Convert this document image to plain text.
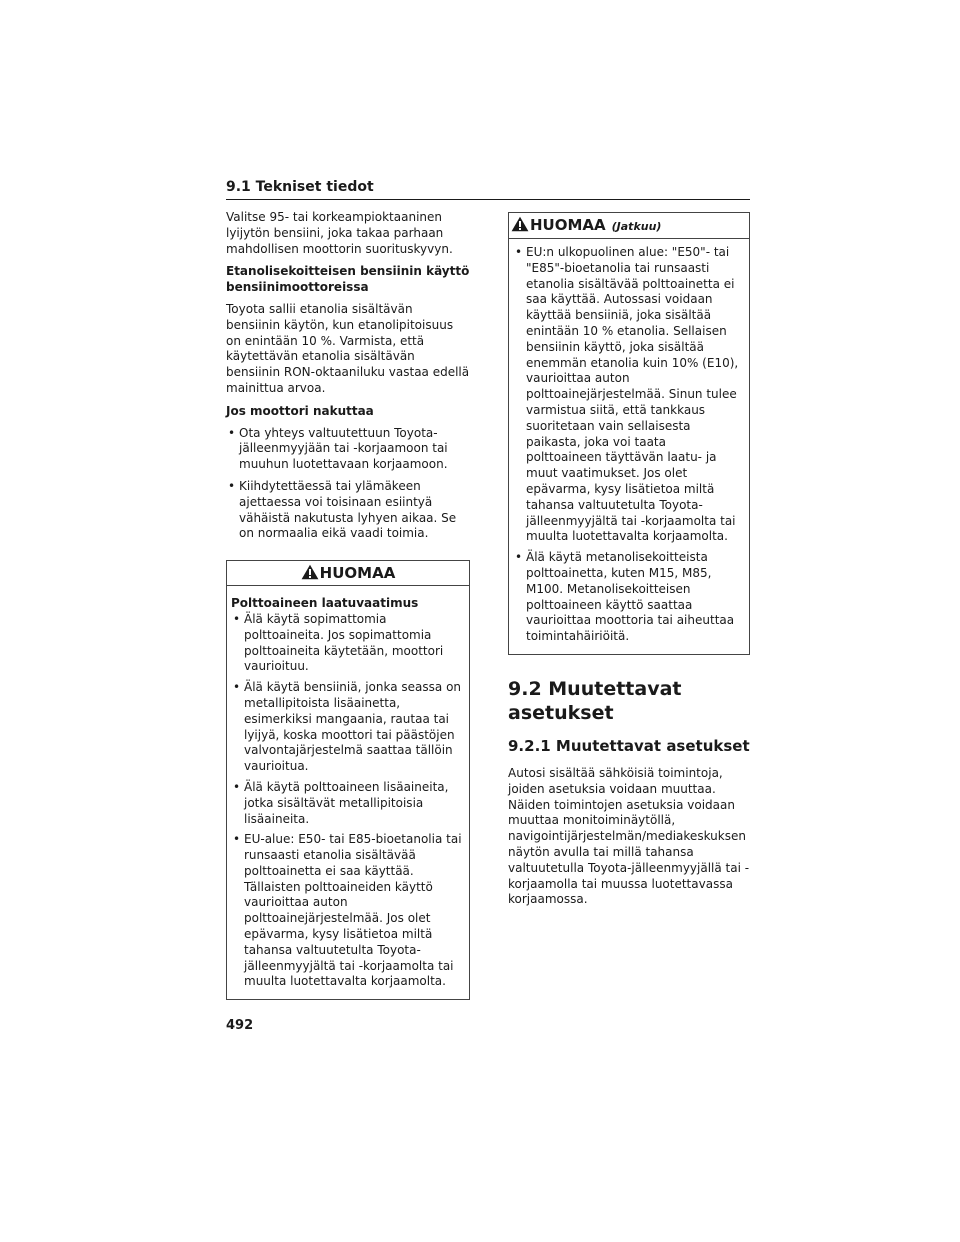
9.1 Tekniset tiedot

Valitse 95- tai korkeampioktaaninen lyijytön bensiini, joka takaa parhaan mahdollisen moottorin suorituskyvyn.

Etanolisekoitteisen bensiinin käyttö bensiinimoottoreissa

Toyota sallii etanolia sisältävän bensiinin käytön, kun etanolipitoisuus on enintään 10 %. Varmista, että käytettävän etanolia sisältävän bensiinin RON-oktaaniluku vastaa edellä mainittua arvoa.

Jos moottori nakuttaa

• Ota yhteys valtuutettuun Toyota-jälleenmyyjään tai -korjaamoon tai muuhun luotettavaan korjaamoon.
• Kiihdytettäessä tai ylämäkeen ajettaessa voi toisinaan esiintyä vähäistä nakutusta lyhyen aikaa. Se on normaalia eikä vaadi toimia.
HUOMAA
Polttoaineen laatuvaatimus
• Älä käytä sopimattomia polttoaineita. Jos sopimattomia polttoaineita käytetään, moottori vaurioituu.
• Älä käytä bensiiniä, jonka seassa on metallipitoista lisäainetta, esimerkiksi mangaania, rautaa tai lyijyä, koska moottori tai päästöjen valvontajärjestelmä saattaa tällöin vaurioitua.
• Älä käytä polttoaineen lisäaineita, jotka sisältävät metallipitoisia lisäaineita.
• EU-alue: E50- tai E85-bioetanolia tai runsaasti etanolia sisältävää polttoainetta ei saa käyttää. Tällaisten polttoaineiden käyttö vaurioittaa auton polttoainejärjestelmää. Jos olet epävarma, kysy lisätietoa miltä tahansa valtuutetulta Toyota-jälleenmyyjältä tai -korjaamolta tai muulta luotettavalta korjaamolta.
HUOMAA (Jatkuu)
• EU:n ulkopuolinen alue: "E50"- tai "E85"-bioetanolia tai runsaasti etanolia sisältävää polttoainetta ei saa käyttää. Autossasi voidaan käyttää bensiiniä, joka sisältää enintään 10 % etanolia. Sellaisen bensiinin käyttö, joka sisältää enemmän etanolia kuin 10% (E10), vaurioittaa auton polttoainejärjestelmää. Sinun tulee varmistua siitä, että tankkaus suoritetaan vain sellaisesta paikasta, joka voi taata polttoaineen täyttävän laatu- ja muut vaatimukset. Jos olet epävarma, kysy lisätietoa miltä tahansa valtuutetulta Toyota-jälleenmyyjältä tai -korjaamolta tai muulta luotettavalta korjaamolta.
• Älä käytä metanolisekoitteista polttoainetta, kuten M15, M85, M100. Metanolisekoitteisen polttoaineen käyttö saattaa vaurioittaa moottoria tai aiheuttaa toimintahäiriöitä.
9.2 Muutettavat asetukset
9.2.1 Muutettavat asetukset

Autosi sisältää sähköisiä toimintoja, joiden asetuksia voidaan muuttaa. Näiden toimintojen asetuksia voidaan muuttaa monitoiminäytöllä, navigointijärjestelmän/mediakeskuksen näytön avulla tai millä tahansa valtuutetulla Toyota-jälleenmyyjällä tai -korjaamolla tai muussa luotettavassa korjaamossa.

492
